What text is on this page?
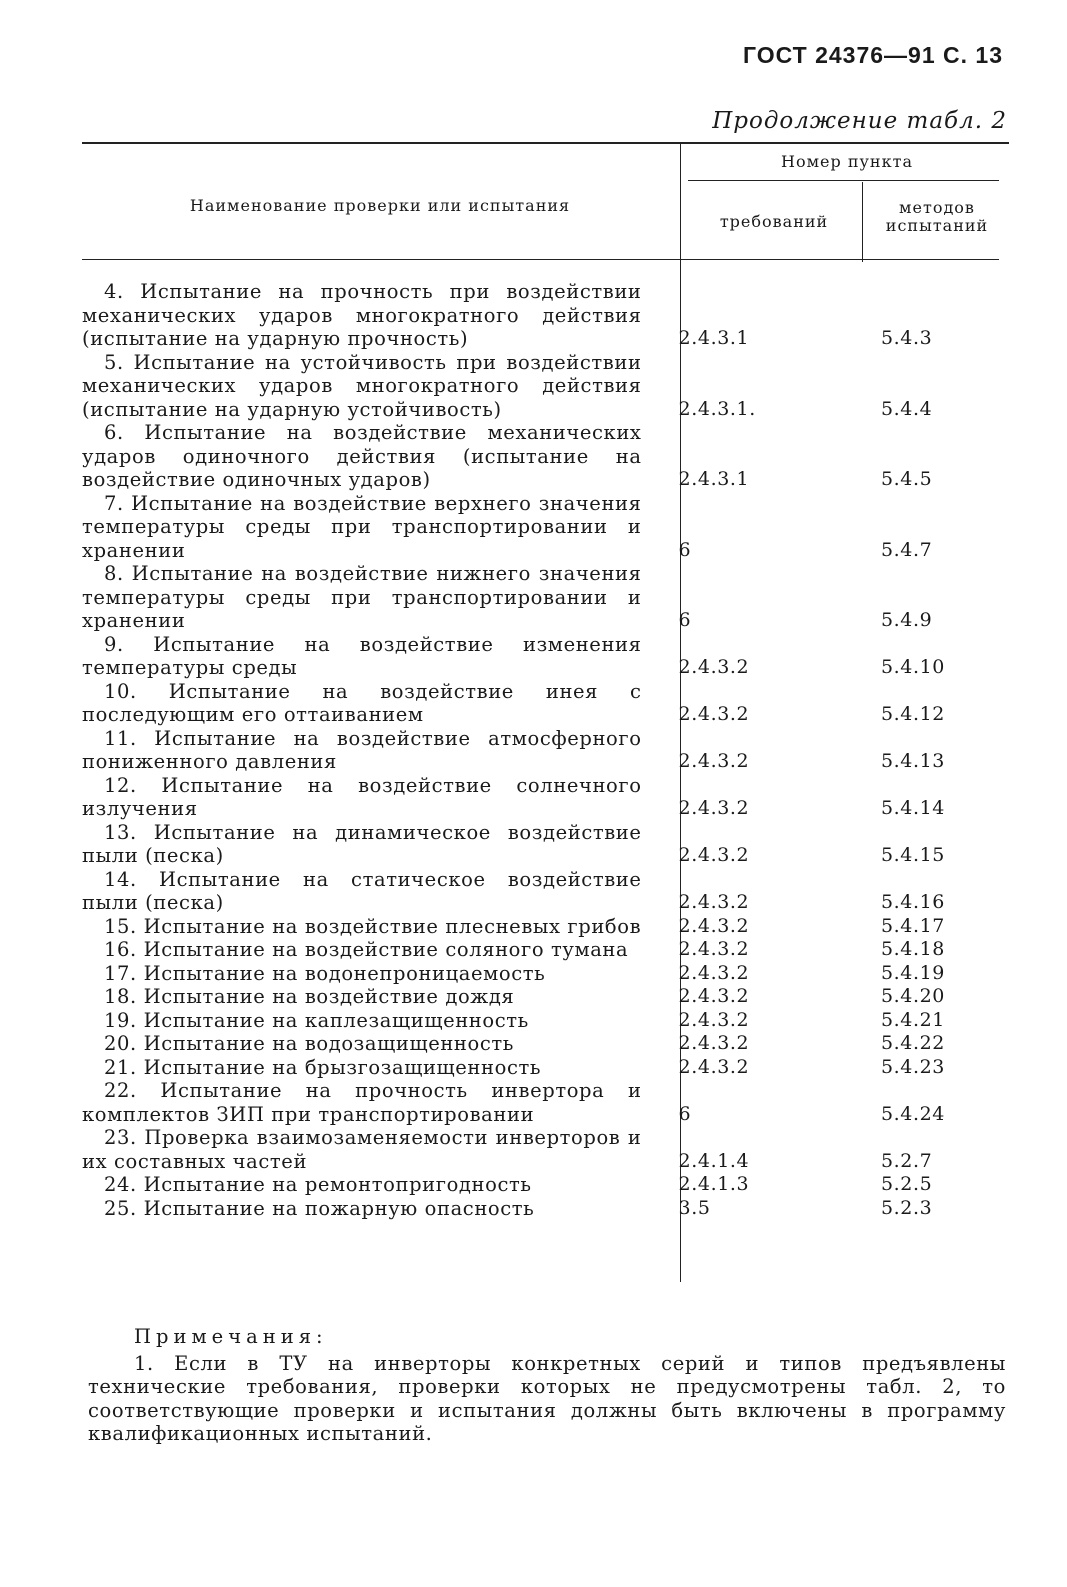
ГОСТ 24376—91 С. 13
Продолжение табл. 2
Наименование проверки или испытания
Номер пункта
требований
методов испытаний
4. Испытание на прочность при воздействии механических ударов многократного действия (испытание на ударную прочность)	2.4.3.1	5.4.3
5. Испытание на устойчивость при воздействии механических ударов многократного действия (испытание на ударную устойчивость)	2.4.3.1.	5.4.4
6. Испытание на воздействие механических ударов одиночного действия (испытание на воздействие одиночных ударов)	2.4.3.1	5.4.5
7. Испытание на воздействие верхнего значения температуры среды при транспортировании и хранении	6	5.4.7
8. Испытание на воздействие нижнего значения температуры среды при транспортировании и хранении	6	5.4.9
9. Испытание на воздействие изменения температуры среды	2.4.3.2	5.4.10
10. Испытание на воздействие инея с последующим его оттаиванием	2.4.3.2	5.4.12
11. Испытание на воздействие атмосферного пониженного давления	2.4.3.2	5.4.13
12. Испытание на воздействие солнечного излучения	2.4.3.2	5.4.14
13. Испытание на динамическое воздействие пыли (песка)	2.4.3.2	5.4.15
14. Испытание на статическое воздействие пыли (песка)	2.4.3.2	5.4.16
15. Испытание на воздействие плесневых грибов	2.4.3.2	5.4.17
16. Испытание на воздействие соляного тумана	2.4.3.2	5.4.18
17. Испытание на водонепроницаемость	2.4.3.2	5.4.19
18. Испытание на воздействие дождя	2.4.3.2	5.4.20
19. Испытание на каплезащищенность	2.4.3.2	5.4.21
20. Испытание на водозащищенность	2.4.3.2	5.4.22
21. Испытание на брызгозащищенность	2.4.3.2	5.4.23
22. Испытание на прочность инвертора и комплектов ЗИП при транспортировании	6	5.4.24
23. Проверка взаимозаменяемости инверторов и их составных частей	2.4.1.4	5.2.7
24. Испытание на ремонтопригодность	2.4.1.3	5.2.5
25. Испытание на пожарную опасность	3.5	5.2.3
Примечания:
1. Если в ТУ на инверторы конкретных серий и типов предъявлены технические требования, проверки которых не предусмотрены табл. 2, то соответствующие проверки и испытания должны быть включены в программу квалификационных испытаний.
